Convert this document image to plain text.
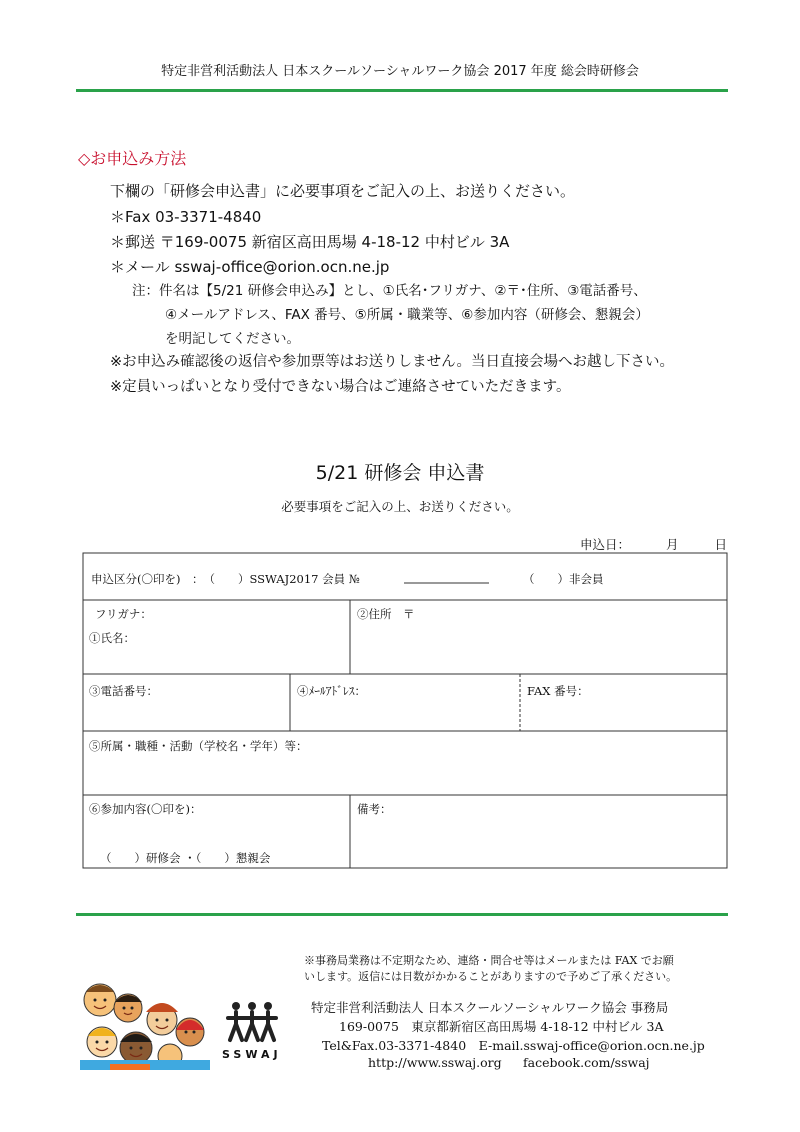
特定非営利活動法人 日本スクールソーシャルワーク協会 2017 年度 総会時研修会
◇お申込み方法
下欄の「研修会申込書」に必要事項をご記入の上、お送りください。
＊Fax 03-3371-4840
＊郵送 〒169-0075 新宿区高田馬場 4-18-12 中村ビル 3A
＊メール sswaj-office@orion.ocn.ne.jp
注：件名は【5/21 研修会申込み】とし、①氏名･フリガナ、②〒･住所、③電話番号、
④メールアドレス、FAX 番号、⑤所属・職業等、⑥参加内容（研修会、懇親会）
を明記してください。
※お申込み確認後の返信や参加票等はお送りしません。当日直接会場へお越し下さい。
※定員いっぱいとなり受付できない場合はご連絡させていただきます。
5/21 研修会 申込書
必要事項をご記入の上、お送りください。
申込日：	月	日
申込区分(〇印を)　：　（　　）SSWAJ2017 会員 №	（　　）非会員
フリガナ：
①氏名：
②住所　〒
③電話番号：	④ﾒｰﾙｱﾄﾞﾚｽ：	FAX 番号：
⑤所属・職種・活動（学校名・学年）等：
⑥参加内容(〇印を)：
（　　）研修会 ・（　　）懇親会
備考：
※事務局業務は不定期なため、連絡・問合せ等はメールまたは FAX でお願
いします。返信には日数がかかることがありますので予めご了承ください。
SSWAJ
特定非営利活動法人 日本スクールソーシャルワーク協会 事務局
169-0075　東京都新宿区高田馬場 4-18-12 中村ビル 3A
Tel&Fax.03-3371-4840　E-mail.sswaj-office@orion.ocn.ne.jp
http://www.sswaj.org facebook.com/sswaj
